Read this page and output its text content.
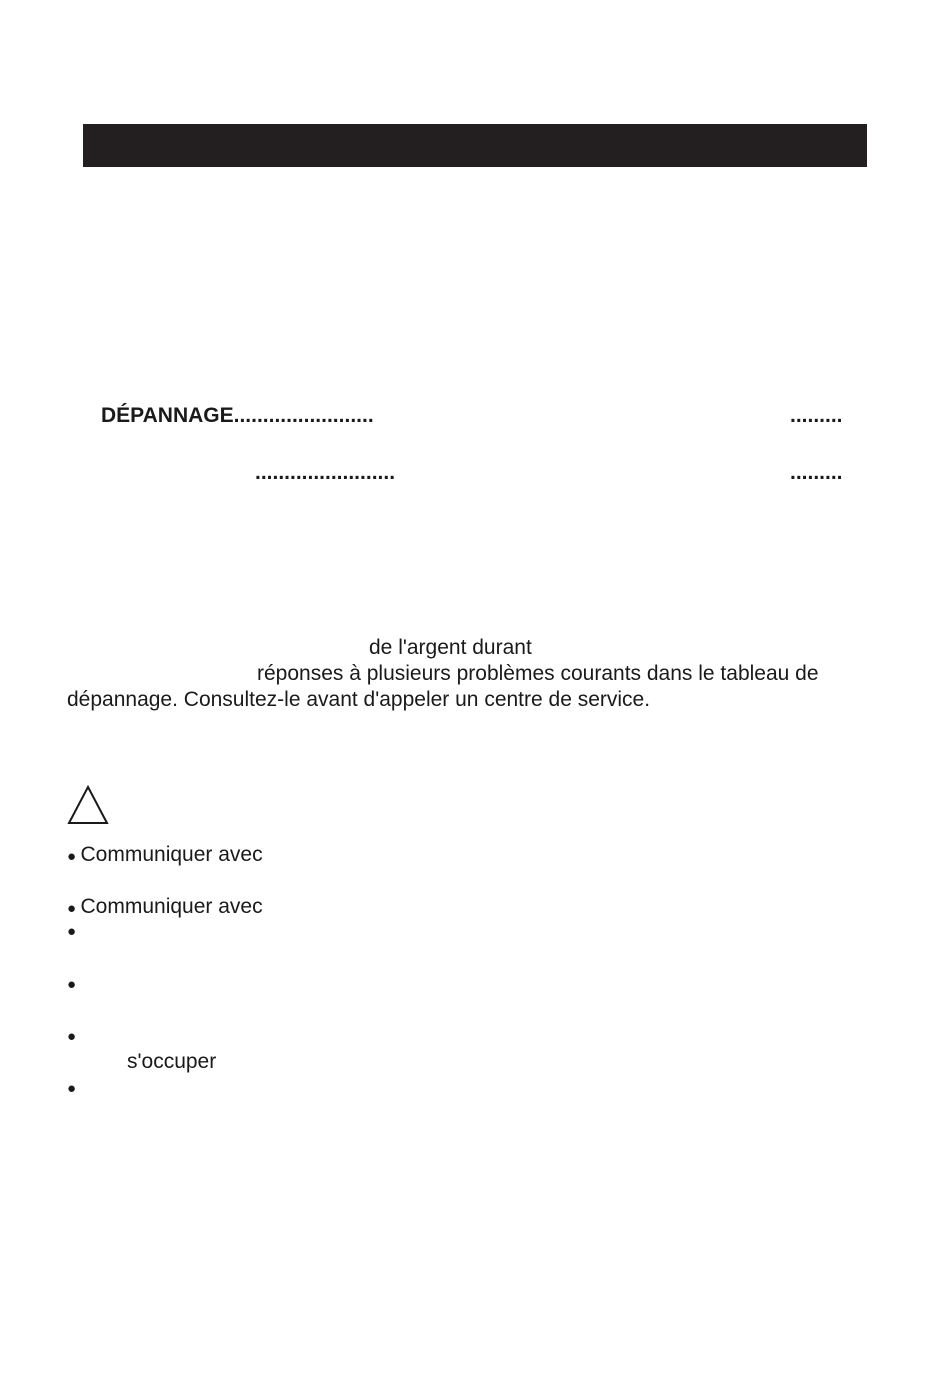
DÉPANNAGE........................	.........
........................	.........
de l'argent durant
réponses à plusieurs problèmes courants dans le tableau de
dépannage. Consultez-le avant d'appeler un centre de service.
● Communiquer avec
● Communiquer avec
●
●
●
s'occuper
●
